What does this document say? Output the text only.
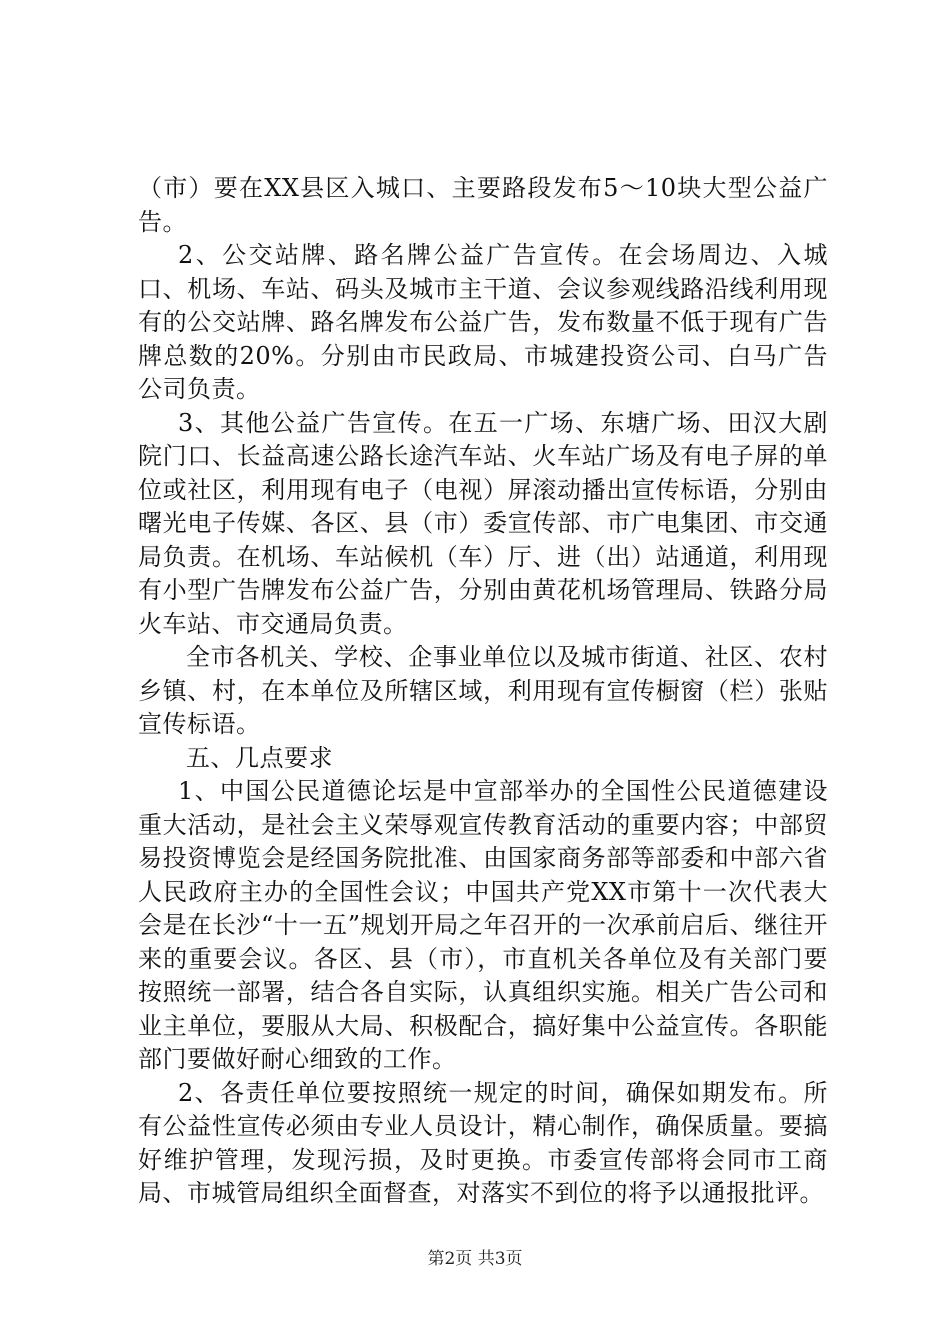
（市）要在XX县区入城口、主要路段发布5～10块大型公益广告。

2、公交站牌、路名牌公益广告宣传。在会场周边、入城口、机场、车站、码头及城市主干道、会议参观线路沿线利用现有的公交站牌、路名牌发布公益广告，发布数量不低于现有广告牌总数的20%。分别由市民政局、市城建投资公司、白马广告公司负责。

3、其他公益广告宣传。在五一广场、东塘广场、田汉大剧院门口、长益高速公路长途汽车站、火车站广场及有电子屏的单位或社区，利用现有电子（电视）屏滚动播出宣传标语，分别由曙光电子传媒、各区、县（市）委宣传部、市广电集团、市交通局负责。在机场、车站候机（车）厅、进（出）站通道，利用现有小型广告牌发布公益广告，分别由黄花机场管理局、铁路分局火车站、市交通局负责。

全市各机关、学校、企事业单位以及城市街道、社区、农村乡镇、村，在本单位及所辖区域，利用现有宣传橱窗（栏）张贴宣传标语。

五、几点要求

1、中国公民道德论坛是中宣部举办的全国性公民道德建设重大活动，是社会主义荣辱观宣传教育活动的重要内容；中部贸易投资博览会是经国务院批准、由国家商务部等部委和中部六省人民政府主办的全国性会议；中国共产党XX市第十一次代表大会是在长沙“十一五”规划开局之年召开的一次承前启后、继往开来的重要会议。各区、县（市），市直机关各单位及有关部门要按照统一部署，结合各自实际，认真组织实施。相关广告公司和业主单位，要服从大局、积极配合，搞好集中公益宣传。各职能部门要做好耐心细致的工作。

2、各责任单位要按照统一规定的时间，确保如期发布。所有公益性宣传必须由专业人员设计，精心制作，确保质量。要搞好维护管理，发现污损，及时更换。市委宣传部将会同市工商局、市城管局组织全面督查，对落实不到位的将予以通报批评。

第2页 共3页
